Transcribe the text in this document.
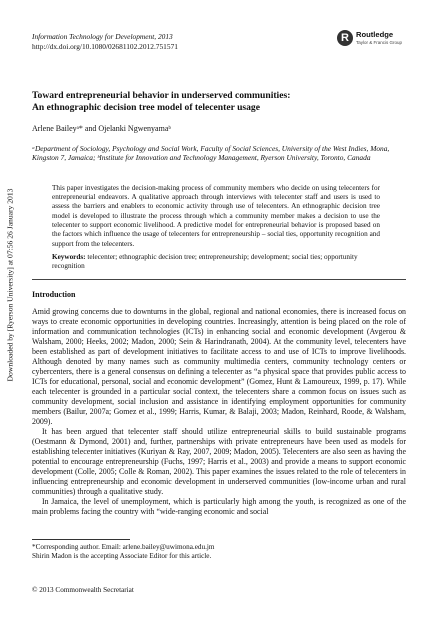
Downloaded by [Ryerson University] at 07:56 26 January 2013
Information Technology for Development, 2013
http://dx.doi.org/10.1080/02681102.2012.751571
R Routledge
Taylor & Francis Group
Toward entrepreneurial behavior in underserved communities:
An ethnographic decision tree model of telecenter usage
Arlene Baileyᵃ* and Ojelanki Ngwenyamaᵇ
ᵃDepartment of Sociology, Psychology and Social Work, Faculty of Social Sciences, University of the West Indies, Mona, Kingston 7, Jamaica; ᵇInstitute for Innovation and Technology Management, Ryerson University, Toronto, Canada
This paper investigates the decision-making process of community members who decide on using telecenters for entrepreneurial endeavors. A qualitative approach through interviews with telecenter staff and users is used to assess the barriers and enablers to economic activity through use of telecenters. An ethnographic decision tree model is developed to illustrate the process through which a community member makes a decision to use the telecenter to support economic livelihood. A predictive model for entrepreneurial behavior is proposed based on the factors which influence the usage of telecenters for entrepreneurship – social ties, opportunity recognition and support from the telecenters.
Keywords: telecenter; ethnographic decision tree; entrepreneurship; development; social ties; opportunity recognition
Introduction

Amid growing concerns due to downturns in the global, regional and national economies, there is increased focus on ways to create economic opportunities in developing countries. Increasingly, attention is being placed on the role of information and communication technologies (ICTs) in enhancing social and economic development (Avgerou & Walsham, 2000; Heeks, 2002; Madon, 2000; Sein & Harindranath, 2004). At the community level, telecenters have been established as part of development initiatives to facilitate access to and use of ICTs to improve livelihoods. Although denoted by many names such as community multimedia centers, community technology centers or cybercenters, there is a general consensus on defining a telecenter as “a physical space that provides public access to ICTs for educational, personal, social and economic development” (Gomez, Hunt & Lamoureux, 1999, p. 17). While each telecenter is grounded in a particular social context, the telecenters share a common focus on issues such as community development, social inclusion and assistance in identifying employment opportunities for community members (Bailur, 2007a; Gomez et al., 1999; Harris, Kumar, & Balaji, 2003; Madon, Reinhard, Roode, & Walsham, 2009).

It has been argued that telecenter staff should utilize entrepreneurial skills to build sustainable programs (Oestmann & Dymond, 2001) and, further, partnerships with private entrepreneurs have been used as models for establishing telecenter initiatives (Kuriyan & Ray, 2007, 2009; Madon, 2005). Telecenters are also seen as having the potential to encourage entrepreneurship (Fuchs, 1997; Harris et al., 2003) and provide a means to support economic development (Colle, 2005; Colle & Roman, 2002). This paper examines the issues related to the role of telecenters in influencing entrepreneurship and economic development in underserved communities (low-income urban and rural communities) through a qualitative study.

In Jamaica, the level of unemployment, which is particularly high among the youth, is recognized as one of the main problems facing the country with “wide-ranging economic and social

*Corresponding author. Email: arlene.bailey@uwimona.edu.jm
Shirin Madon is the accepting Associate Editor for this article.
© 2013 Commonwealth Secretariat
